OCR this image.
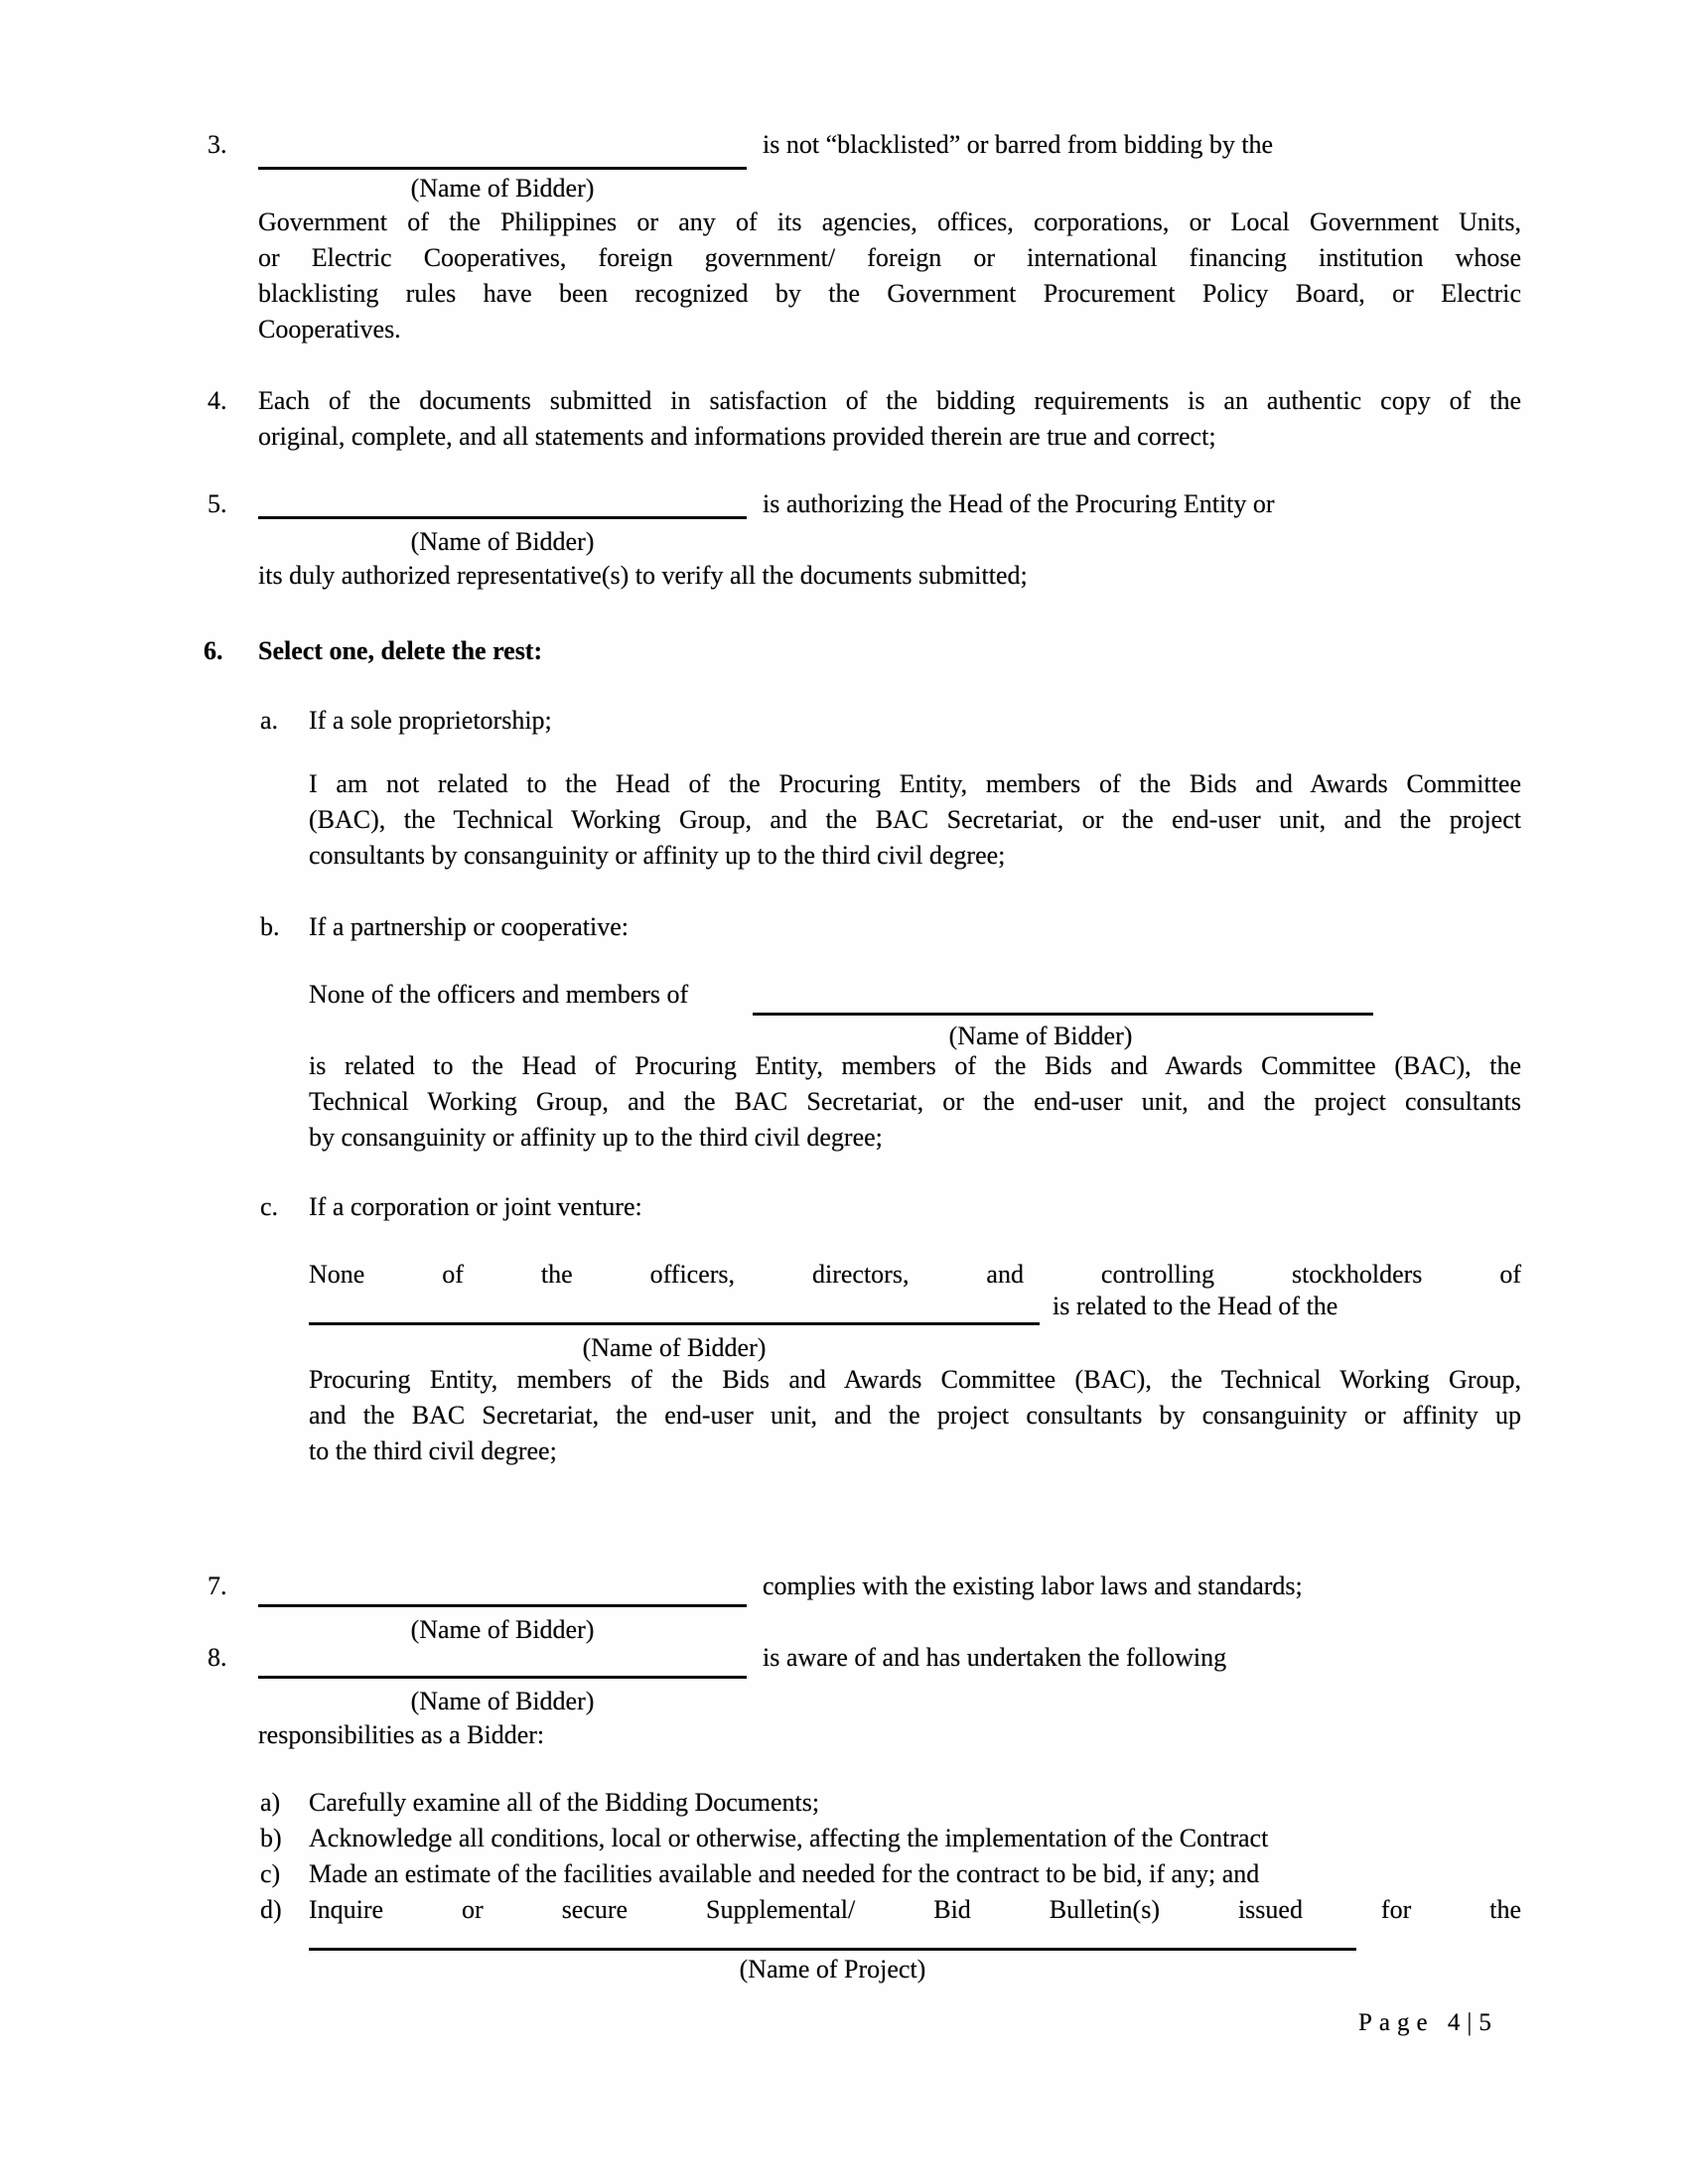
3.	is not “blacklisted” or barred from bidding by the
(Name of Bidder)
Government of the Philippines or any of its agencies, offices, corporations, or Local Government Units,
or Electric Cooperatives, foreign government/ foreign or international financing institution whose
blacklisting rules have been recognized by the Government Procurement Policy Board, or Electric
Cooperatives.
4. Each of the documents submitted in satisfaction of the bidding requirements is an authentic copy of the
original, complete, and all statements and informations provided therein are true and correct;
5.	is authorizing the Head of the Procuring Entity or
(Name of Bidder)
its duly authorized representative(s) to verify all the documents submitted;
6. Select one, delete the rest:
a. If a sole proprietorship;
I am not related to the Head of the Procuring Entity, members of the Bids and Awards Committee
(BAC), the Technical Working Group, and the BAC Secretariat, or the end-user unit, and the project
consultants by consanguinity or affinity up to the third civil degree;
b. If a partnership or cooperative:
None of the officers and members of
(Name of Bidder)
is related to the Head of Procuring Entity, members of the Bids and Awards Committee (BAC), the
Technical Working Group, and the BAC Secretariat, or the end-user unit, and the project consultants
by consanguinity or affinity up to the third civil degree;
c. If a corporation or joint venture:
None of the officers, directors, and controlling stockholders of
is related to the Head of the
(Name of Bidder)
Procuring Entity, members of the Bids and Awards Committee (BAC), the Technical Working Group,
and the BAC Secretariat, the end-user unit, and the project consultants by consanguinity or affinity up
to the third civil degree;
7.	complies with the existing labor laws and standards;
(Name of Bidder)
8.	is aware of and has undertaken the following
(Name of Bidder)
responsibilities as a Bidder:
a) Carefully examine all of the Bidding Documents;
b) Acknowledge all conditions, local or otherwise, affecting the implementation of the Contract
c) Made an estimate of the facilities available and needed for the contract to be bid, if any; and
d) Inquire or secure Supplemental/ Bid Bulletin(s) issued for the
(Name of Project)
Page 4|5
